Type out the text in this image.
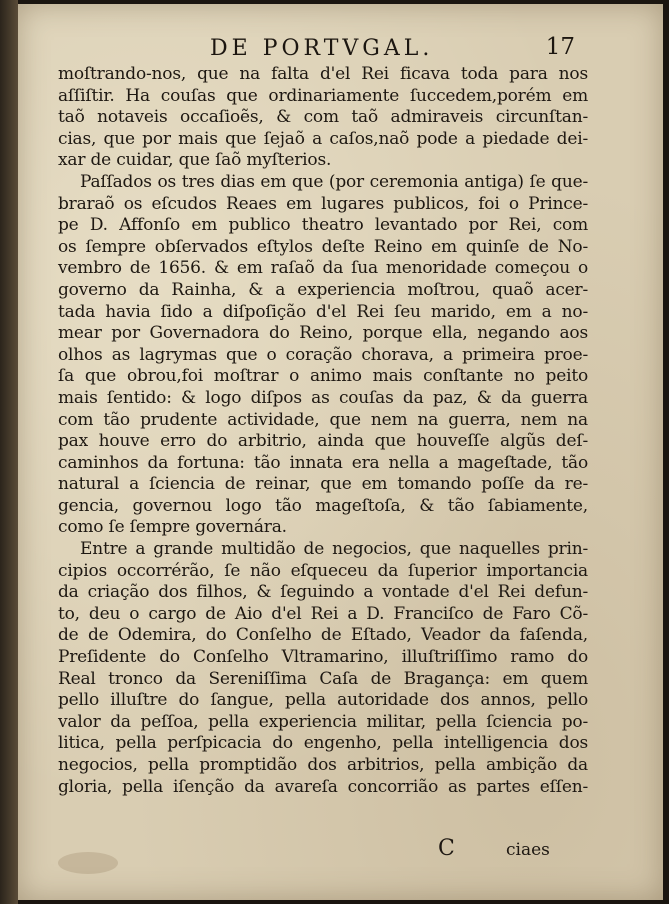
DE PORTVGAL.	17
moſtrando-nos, que na falta d'el Rei ficava toda para nos
aſſiſtir. Ha couſas que ordinariamente ſuccedem,porém em
taõ notaveis occaſioẽs, & com taõ admiraveis circunſtan-
cias, que por mais que ſejaõ a caſos,naõ pode a piedade dei-
xar de cuidar, que ſaõ myſterios.
Paſſados os tres dias em que (por ceremonia antiga) ſe que-
braraõ os eſcudos Reaes em lugares publicos, foi o Prince-
pe D. Affonſo em publico theatro levantado por Rei, com
os ſempre obſervados eſtylos deſte Reino em quinſe de No-
vembro de 1656. & em raſaõ da ſua menoridade começou o
governo da Rainha, & a experiencia moſtrou, quaõ acer-
tada havia ſido a diſpoſição d'el Rei ſeu marido, em a no-
mear por Governadora do Reino, porque ella, negando aos
olhos as lagrymas que o coração chorava, a primeira proe-
ſa que obrou,foi moſtrar o animo mais conſtante no peito
mais ſentido: & logo diſpos as couſas da paz, & da guerra
com tão prudente actividade, que nem na guerra, nem na
pax houve erro do arbitrio, ainda que houveſſe algũs deſ-
caminhos da fortuna: tão innata era nella a mageſtade, tão
natural a ſciencia de reinar, que em tomando poſſe da re-
gencia, governou logo tão mageſtoſa, & tão ſabiamente,
como ſe ſempre governára.
Entre a grande multidão de negocios, que naquelles prin-
cipios occorrérão, ſe não eſqueceu da ſuperior importancia
da criação dos filhos, & ſeguindo a vontade d'el Rei defun-
to, deu o cargo de Aio d'el Rei a D. Franciſco de Faro Cõ-
de de Odemira, do Conſelho de Eſtado, Veador da faſenda,
Preſidente do Conſelho Vltramarino, illuſtriſſimo ramo do
Real tronco da Sereniſſima Caſa de Bragança: em quem
pello illuſtre do ſangue, pella autoridade dos annos, pello
valor da peſſoa, pella experiencia militar, pella ſciencia po-
litica, pella perſpicacia do engenho, pella intelligencia dos
negocios, pella promptidão dos arbitrios, pella ambição da
gloria, pella iſenção da avareſa concorrião as partes eſſen-
C	ciaes
